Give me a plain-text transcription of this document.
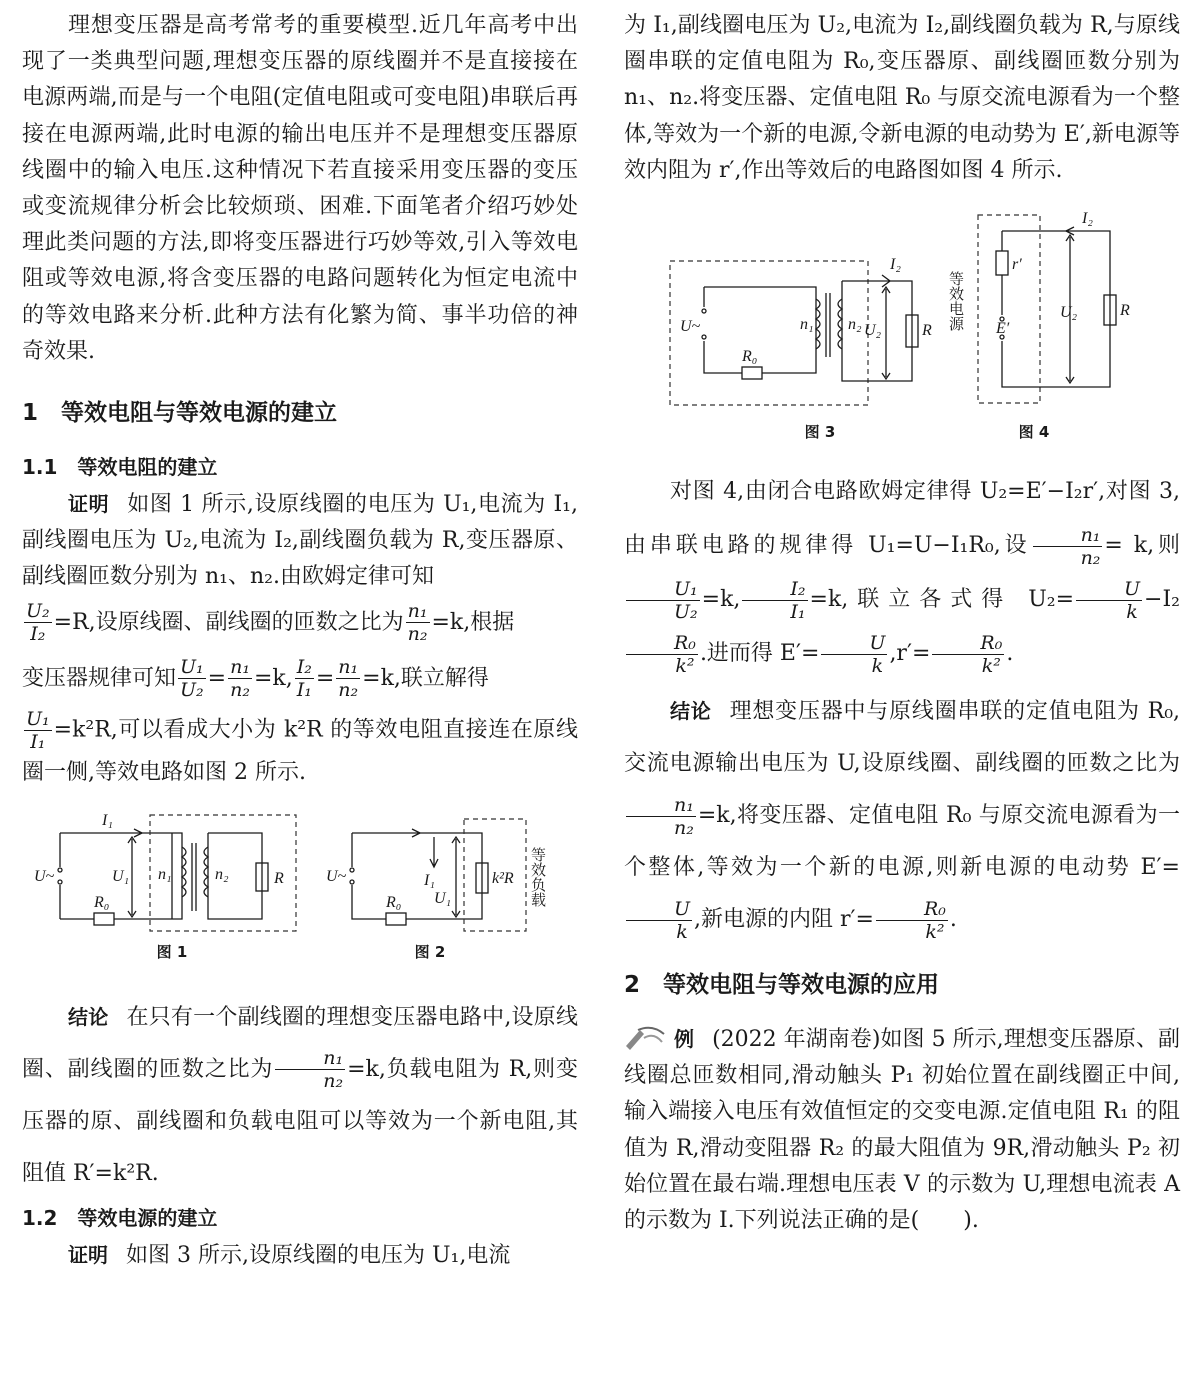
理想变压器是高考常考的重要模型.近几年高考中出现了一类典型问题,理想变压器的原线圈并不是直接接在电源两端,而是与一个电阻(定值电阻或可变电阻)串联后再接在电源两端,此时电源的输出电压并不是理想变压器原线圈中的输入电压.这种情况下若直接采用变压器的变压或变流规律分析会比较烦琐、困难.下面笔者介绍巧妙处理此类问题的方法,即将变压器进行巧妙等效,引入等效电阻或等效电源,将含变压器的电路问题转化为恒定电流中的等效电路来分析.此种方法有化繁为简、事半功倍的神奇效果.

1　等效电阻与等效电源的建立

1.1　等效电阻的建立

证明 如图 1 所示,设原线圈的电压为 U₁,电流为 I₁,副线圈电压为 U₂,电流为 I₂,副线圈负载为 R,变压器原、副线圈匝数分别为 n₁、n₂.由欧姆定律可知

$\frac{\text{U₂}}{\text{I₂}} =R$,设原线圈、副线圈的匝数之比为 $\frac{\text{n₁}}{\text{n₂}} =k$,根据

变压器规律可知 $\frac{\text{U₁}}{\text{U₂}} = \frac{\text{n₁}}{\text{n₂}} =k$, $\frac{\text{I₂}}{\text{I₁}} = \frac{\text{n₁}}{\text{n₂}} =k$,联立解得

$\frac{\text{U₁}}{\text{I₁}} =k^2R$,可以看成大小为 k²R 的等效电阻直接连在原线圈一侧,等效电路如图 2 所示.

I₁
U~	U₁ n₁	n₂	R
R₀
图 1
I₁
U~
U₁
R₀
k²R 等效负载
图 2

结论 在只有一个副线圈的理想变压器电路中,设原线圈、副线圈的匝数之比为 $\frac{\text{n₁}}{\text{n₂}} =k$,负载电阻为 R,则变压器的原、副线圈和负载电阻可以等效为一个新电阻,其阻值 R′=k²R.

1.2　等效电源的建立

证明 如图 3 所示,设原线圈的电压为 U₁,电流

为 I₁,副线圈电压为 U₂,电流为 I₂,副线圈负载为 R,与原线圈串联的定值电阻为 R₀,变压器原、副线圈匝数分别为 n₁、n₂.将变压器、定值电阻 R₀ 与原交流电源看为一个整体,等效为一个新的电源,令新电源的电动势为 E′,新电源等效内阻为 r′,作出等效后的电路图如图 4 所示.

I₂
U~	n₁ n₂ U₂	R
R₀
图 3
I₂
r′
E′
U₂	R
等效电源
图 4

对图 4,由闭合电路欧姆定律得 U₂=E′−I₂r′,对图 3,由串联电路的规律得 U₁=U−I₁R₀,设 $\frac{\text{n₁}}{\text{n₂}} = k$,则
$\frac{\text{U₁}}{\text{U₂}} =k$, $\frac{\text{I₂}}{\text{I₁}} =k$,联立各式得 $U_2= \frac{U}{k} -I_2$
$\frac{\text{R₀}}{\text{k²}}$ .进而得 $E'= \frac{U}{k} ,r'= \frac{\text{R₀}}{\text{k²}}$ .

结论 理想变压器中与原线圈串联的定值电阻为 R₀,交流电源输出电压为 U,设原线圈、副线圈的匝数之比为
$\frac{\text{n₁}}{\text{n₂}} =k$,将变压器、定值电阻 R₀ 与原交流电源看为一个整体,等效为一个新的电源,则新电源的电动势 E′=
$\frac{U}{k}$ ,新电源的内阻 $r'= \frac{\text{R₀}}{\text{k²}}$ .

2　等效电阻与等效电源的应用

例 (2022 年湖南卷)如图 5 所示,理想变压器原、副线圈总匝数相同,滑动触头 P₁ 初始位置在副线圈正中间,输入端接入电压有效值恒定的交变电源.定值电阻 R₁ 的阻值为 R,滑动变阻器 R₂ 的最大阻值为 9R,滑动触头 P₂ 初始位置在最右端.理想电压表 V 的示数为 U,理想电流表 A 的示数为 I.下列说法正确的是(　　).
